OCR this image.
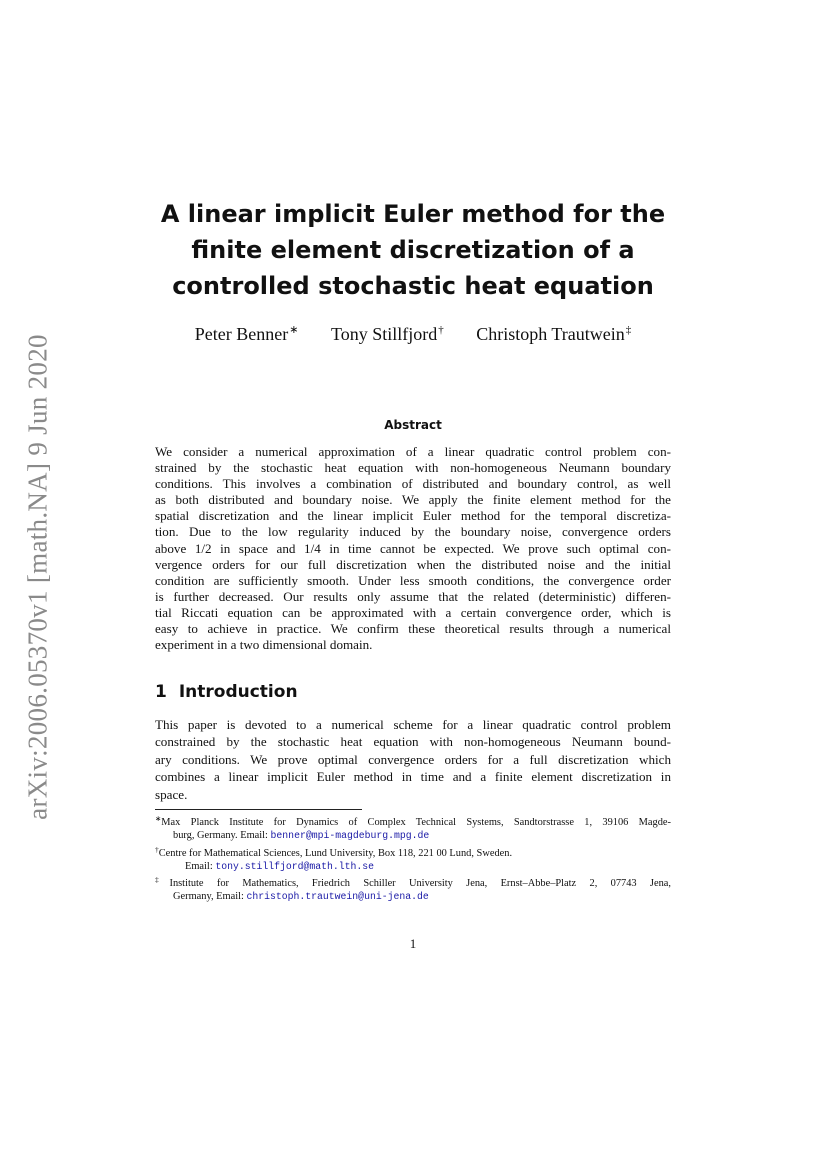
arXiv:2006.05370v1 [math.NA] 9 Jun 2020
A linear implicit Euler method for the
finite element discretization of a
controlled stochastic heat equation
Peter Benner∗ Tony Stillfjord† Christoph Trautwein‡
Abstract
We consider a numerical approximation of a linear quadratic control problem con-
strained by the stochastic heat equation with non-homogeneous Neumann boundary
conditions. This involves a combination of distributed and boundary control, as well
as both distributed and boundary noise. We apply the finite element method for the
spatial discretization and the linear implicit Euler method for the temporal discretiza-
tion. Due to the low regularity induced by the boundary noise, convergence orders
above 1/2 in space and 1/4 in time cannot be expected. We prove such optimal con-
vergence orders for our full discretization when the distributed noise and the initial
condition are sufficiently smooth. Under less smooth conditions, the convergence order
is further decreased. Our results only assume that the related (deterministic) differen-
tial Riccati equation can be approximated with a certain convergence order, which is
easy to achieve in practice. We confirm these theoretical results through a numerical
experiment in a two dimensional domain.
1 Introduction
This paper is devoted to a numerical scheme for a linear quadratic control problem
constrained by the stochastic heat equation with non-homogeneous Neumann bound-
ary conditions. We prove optimal convergence orders for a full discretization which
combines a linear implicit Euler method in time and a finite element discretization in
space.
∗Max Planck Institute for Dynamics of Complex Technical Systems, Sandtorstrasse 1, 39106 Magde-
burg, Germany. Email: benner@mpi-magdeburg.mpg.de
†Centre for Mathematical Sciences, Lund University, Box 118, 221 00 Lund, Sweden.
Email: tony.stillfjord@math.lth.se
‡Institute for Mathematics, Friedrich Schiller University Jena, Ernst–Abbe–Platz 2, 07743 Jena,
Germany, Email: christoph.trautwein@uni-jena.de
1
